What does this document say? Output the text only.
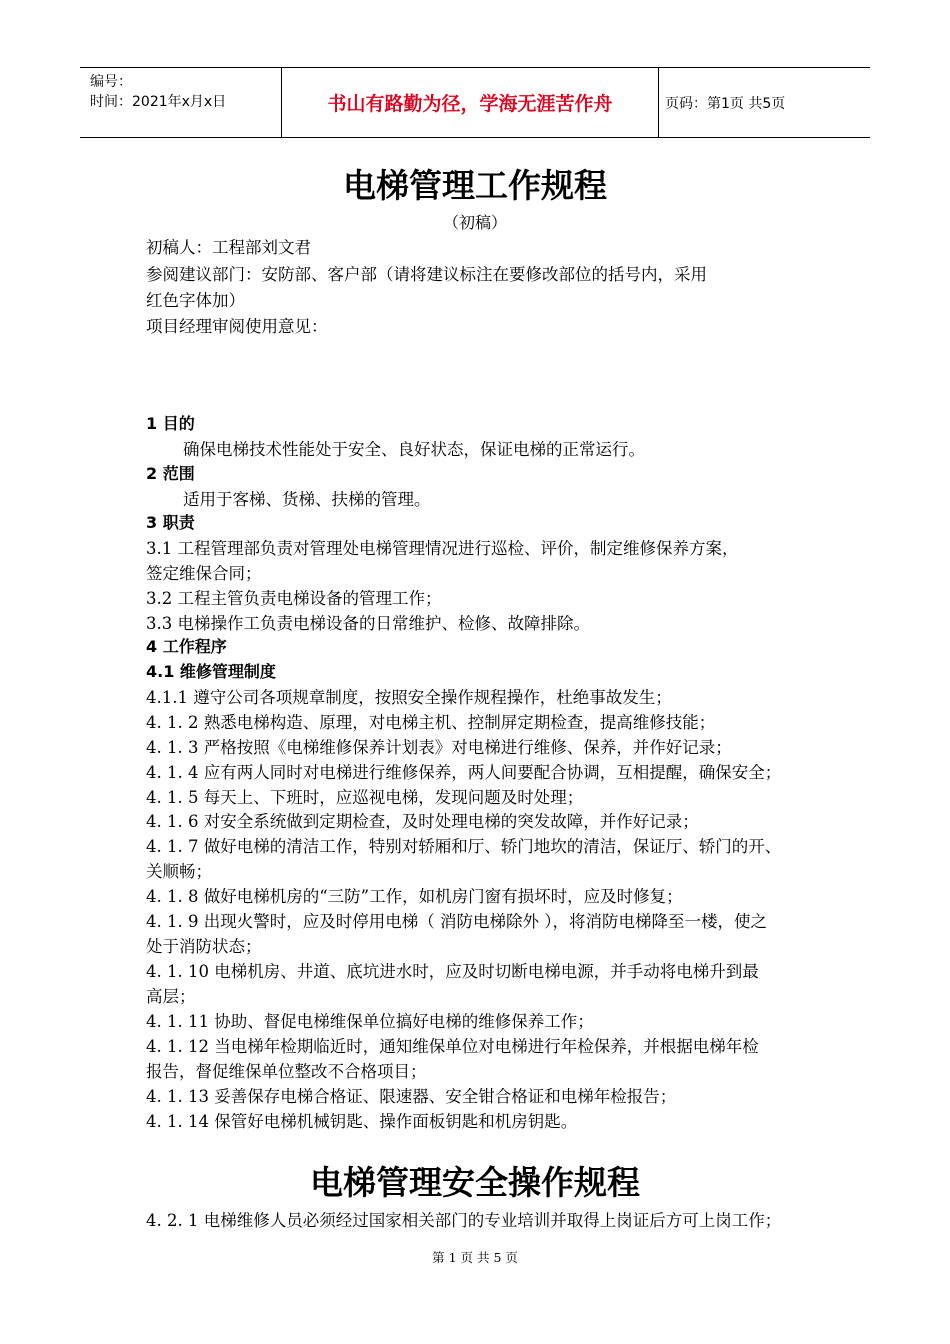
编号：
时间：2021年x月x日	书山有路勤为径，学海无涯苦作舟	页码：第1页 共5页
电梯管理工作规程
（初稿）
初稿人：工程部刘文君
参阅建议部门：安防部、客户部（请将建议标注在要修改部位的括号内，采用
红色字体加）
项目经理审阅使用意见：
1 目的
确保电梯技术性能处于安全、良好状态，保证电梯的正常运行。
2 范围
适用于客梯、货梯、扶梯的管理。
3 职责
3.1 工程管理部负责对管理处电梯管理情况进行巡检、评价，制定维修保养方案，
签定维保合同；
3.2 工程主管负责电梯设备的管理工作；
3.3 电梯操作工负责电梯设备的日常维护、检修、故障排除。
4 工作程序
4.1 维修管理制度
4.1.1 遵守公司各项规章制度，按照安全操作规程操作，杜绝事故发生；
4. 1. 2 熟悉电梯构造、原理，对电梯主机、控制屏定期检查，提高维修技能；
4. 1. 3 严格按照《电梯维修保养计划表》对电梯进行维修、保养，并作好记录；
4. 1. 4 应有两人同时对电梯进行维修保养，两人间要配合协调，互相提醒，确保安全；
4. 1. 5 每天上、下班时，应巡视电梯，发现问题及时处理；
4. 1. 6 对安全系统做到定期检查，及时处理电梯的突发故障，并作好记录；
4. 1. 7 做好电梯的清洁工作，特别对轿厢和厅、轿门地坎的清洁，保证厅、轿门的开、
关顺畅；
4. 1. 8 做好电梯机房的“三防”工作，如机房门窗有损坏时，应及时修复；
4. 1. 9 出现火警时，应及时停用电梯（ 消防电梯除外 ），将消防电梯降至一楼，使之
处于消防状态；
4. 1. 10 电梯机房、井道、底坑进水时，应及时切断电梯电源，并手动将电梯升到最
高层；
4. 1. 11 协助、督促电梯维保单位搞好电梯的维修保养工作；
4. 1. 12 当电梯年检期临近时，通知维保单位对电梯进行年检保养，并根据电梯年检
报告，督促维保单位整改不合格项目；
4. 1. 13 妥善保存电梯合格证、限速器、安全钳合格证和电梯年检报告；
4. 1. 14 保管好电梯机械钥匙、操作面板钥匙和机房钥匙。
电梯管理安全操作规程
4. 2. 1 电梯维修人员必须经过国家相关部门的专业培训并取得上岗证后方可上岗工作；
第 1 页 共 5 页
